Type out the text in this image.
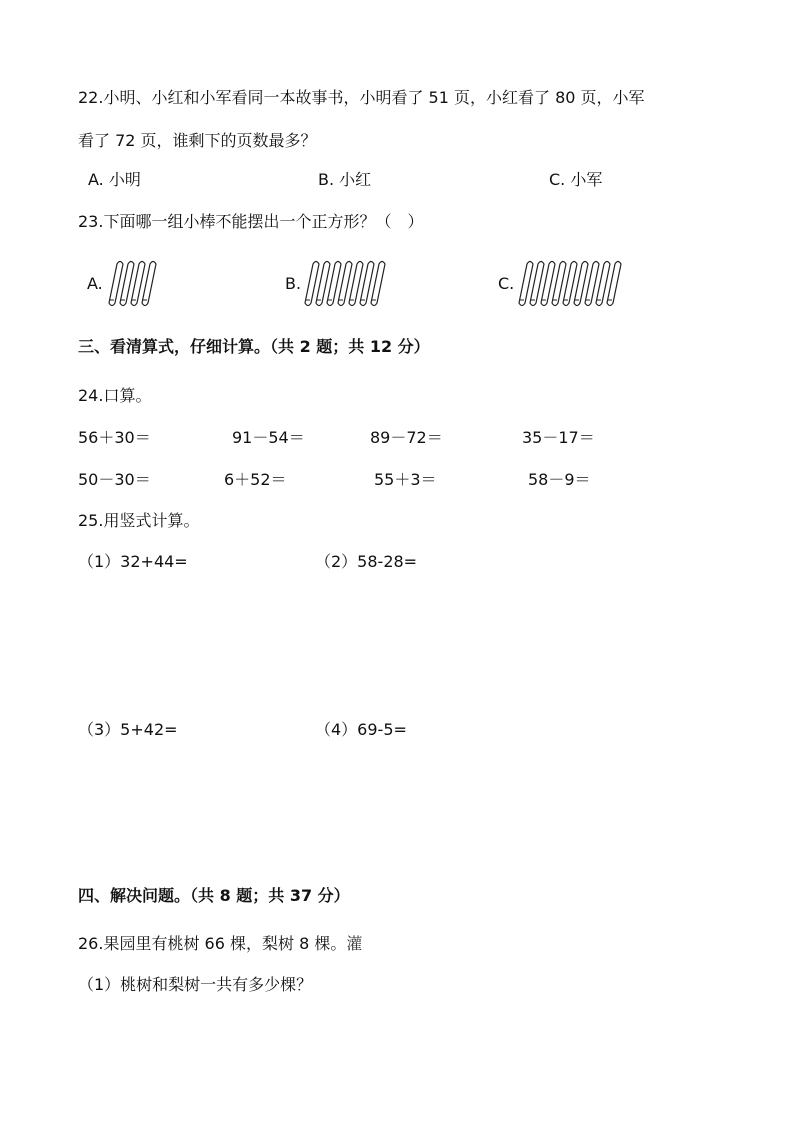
22.小明、小红和小军看同一本故事书，小明看了 51 页，小红看了 80 页，小军
看了 72 页，谁剩下的页数最多？
A. 小明	B. 小红	C. 小军
23.下面哪一组小棒不能摆出一个正方形？（　）
A.	B.	C.
三、看清算式，仔细计算。（共 2 题；共 12 分）
24.口算。
56＋30＝	91－54＝	89－72＝	35－17＝
50－30＝	6＋52＝	55＋3＝	58－9＝
25.用竖式计算。
（1）32+44=	（2）58-28=
（3）5+42=	（4）69-5=
四、解决问题。（共 8 题；共 37 分）
26.果园里有桃树 66 棵，梨树 8 棵。灌
（1）桃树和梨树一共有多少棵？
